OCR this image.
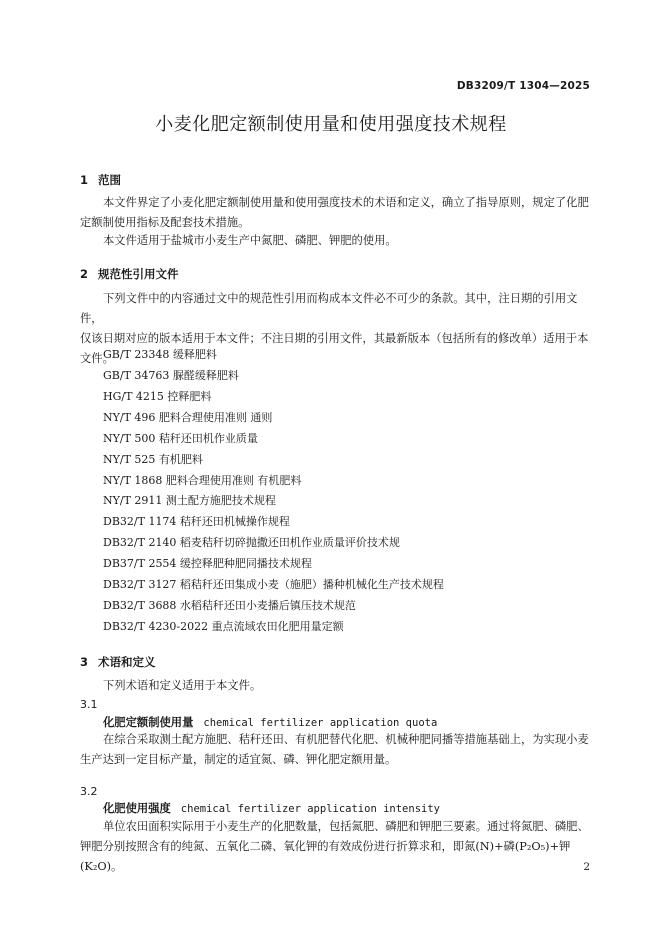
DB3209/T 1304—2025
小麦化肥定额制使用量和使用强度技术规程
1 范围
本文件界定了小麦化肥定额制使用量和使用强度技术的术语和定义，确立了指导原则，规定了化肥
定额制使用指标及配套技术措施。
本文件适用于盐城市小麦生产中氮肥、磷肥、钾肥的使用。
2 规范性引用文件
下列文件中的内容通过文中的规范性引用而构成本文件必不可少的条款。其中，注日期的引用文件，
仅该日期对应的版本适用于本文件；不注日期的引用文件，其最新版本（包括所有的修改单）适用于本
文件。
GB/T 23348 缓释肥料
GB/T 34763 脲醛缓释肥料
HG/T 4215 控释肥料
NY/T 496 肥料合理使用准则 通则
NY/T 500 秸秆还田机作业质量
NY/T 525 有机肥料
NY/T 1868 肥料合理使用准则 有机肥料
NY/T 2911 测土配方施肥技术规程
DB32/T 1174 秸秆还田机械操作规程
DB32/T 2140 稻麦秸秆切碎抛撒还田机作业质量评价技术规
DB37/T 2554 缓控释肥种肥同播技术规程
DB32/T 3127 稻秸秆还田集成小麦（施肥）播种机械化生产技术规程
DB32/T 3688 水稻秸秆还田小麦播后镇压技术规范
DB32/T 4230-2022 重点流域农田化肥用量定额
3 术语和定义
下列术语和定义适用于本文件。
3.1
化肥定额制使用量 chemical fertilizer application quota
在综合采取测土配方施肥、秸秆还田、有机肥替代化肥、机械种肥同播等措施基础上，为实现小麦
生产达到一定目标产量，制定的适宜氮、磷、钾化肥定额用量。
3.2
化肥使用强度 chemical fertilizer application intensity
单位农田面积实际用于小麦生产的化肥数量，包括氮肥、磷肥和钾肥三要素。通过将氮肥、磷肥、
钾肥分别按照含有的纯氮、五氧化二磷、氧化钾的有效成份进行折算求和，即氮(N)+磷(P₂O₅)+钾(K₂O)。	2
